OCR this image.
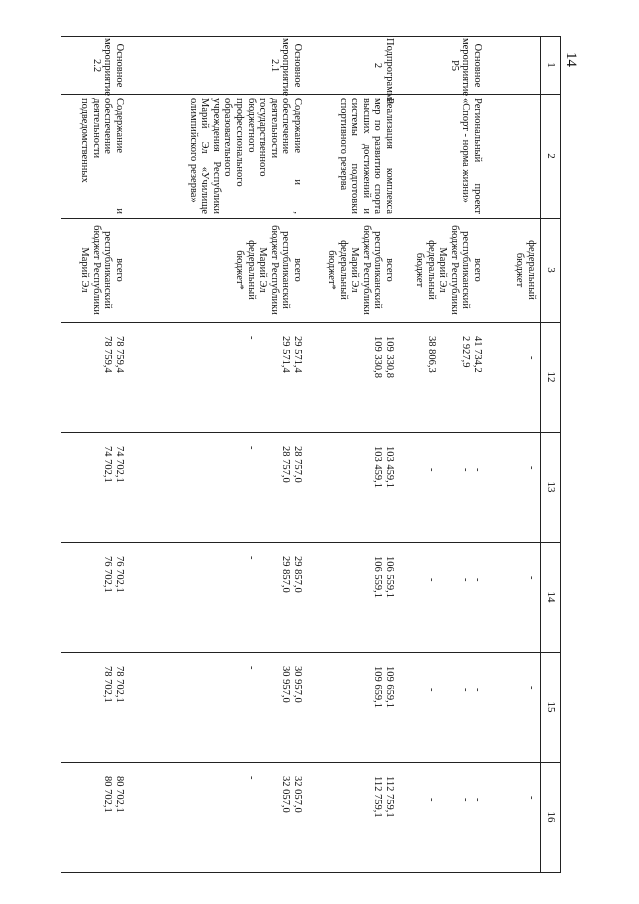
14
1
2
3
12
13
14
15
16
федеральный
бюджет
-
-
-
-
-
Основное
мероприятие
P5
Региональный проект «Спорт - норма жизни»
всего
республиканский
бюджет Республики
Марий Эл
федеральный
бюджет
41 734,2
2 927,9

38 806,3
-
-

-
-
-

-
-
-

-
-
-

-
Подпрограмма
2
Реализация комплекса мер по развитию спорта высших достижений и системы подготовки спортивного резерва
всего
республиканский
бюджет Республики
Марий Эл
федеральный
бюджет*
109 330,8
109 330,8
103 459,1
103 459,1
106 559,1
106 559,1
109 659,1
109 659,1
112 759,1
112 759,1
Основное
мероприятие
2.1
Содержание и , обеспечение деятельности государственного бюджетного профессионального образовательного учреждения Республики Марий Эл «Училище олимпийского резерва»
всего
республиканский
бюджет Республики
Марий Эл
федеральный
бюджет*
29 571,4
29 571,4

-
28 757,0
28 757,0

-
29 857,0
29 857,0

-
30 957,0
30 957,0

-
32 057,0
32 057,0

-
Основное
мероприятие
2.2
Содержание и обеспечение деятельности подведомственных
всего
республиканский
бюджет Республики
Марий Эл
78 759,4
78 759,4
74 702,1
74 702,1
76 702,1
76 702,1
78 702,1
78 702,1
80 702,1
80 702,1
